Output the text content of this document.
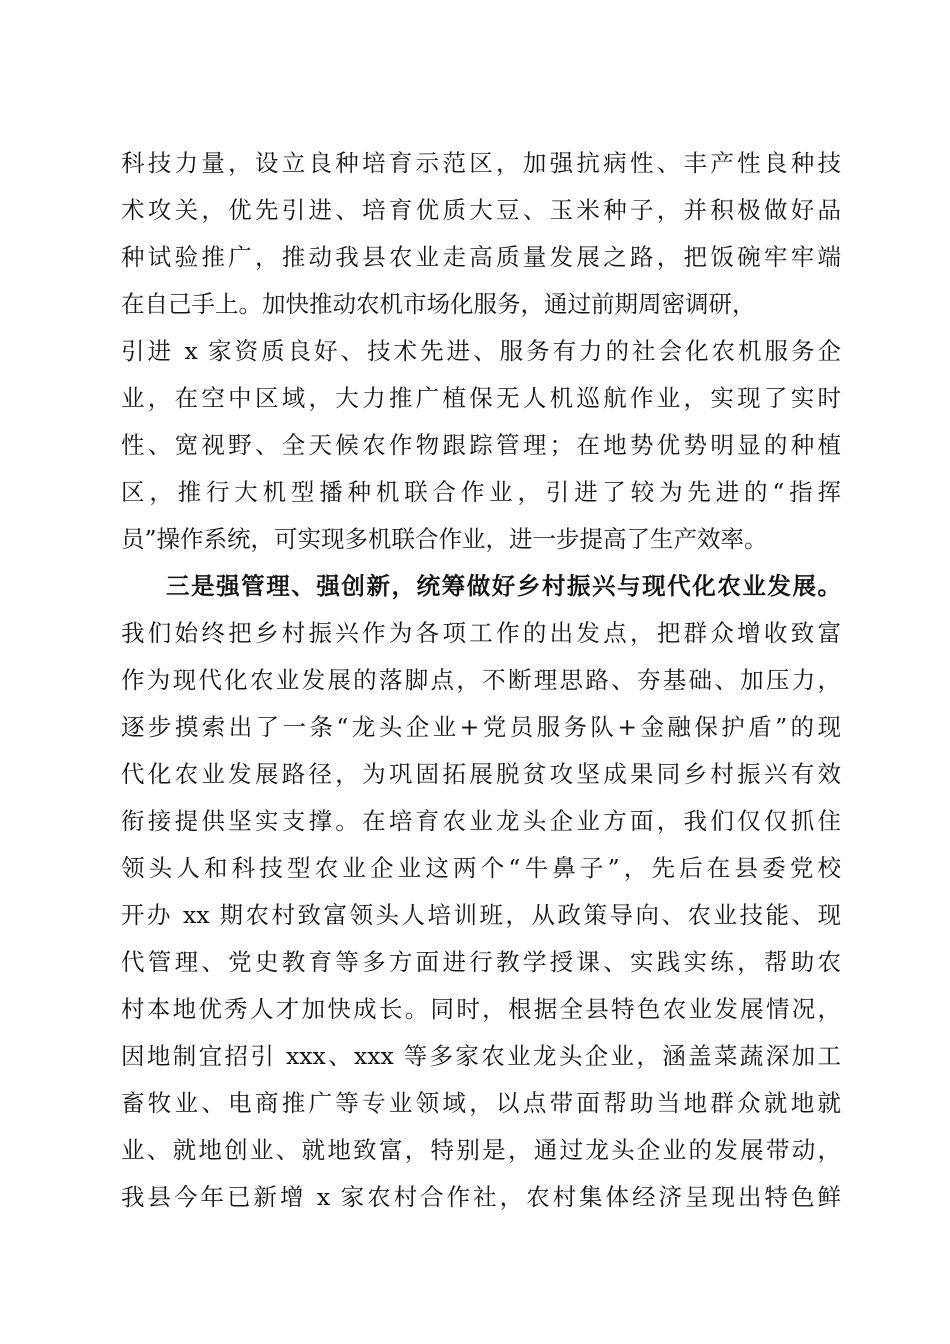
科技力量，设立良种培育示范区，加强抗病性、丰产性良种技
术攻关，优先引进、培育优质大豆、玉米种子，并积极做好品
种试验推广，推动我县农业走高质量发展之路，把饭碗牢牢端
在自己手上。加快推动农机市场化服务，通过前期周密调研，
引进 x 家资质良好、技术先进、服务有力的社会化农机服务企
业，在空中区域，大力推广植保无人机巡航作业，实现了实时
性、宽视野、全天候农作物跟踪管理；在地势优势明显的种植
区，推行大机型播种机联合作业，引进了较为先进的“指挥
员”操作系统，可实现多机联合作业，进一步提高了生产效率。
三是强管理、强创新，统筹做好乡村振兴与现代化农业发展。
我们始终把乡村振兴作为各项工作的出发点，把群众增收致富
作为现代化农业发展的落脚点，不断理思路、夯基础、加压力，
逐步摸索出了一条“龙头企业+党员服务队+金融保护盾”的现
代化农业发展路径，为巩固拓展脱贫攻坚成果同乡村振兴有效
衔接提供坚实支撑。在培育农业龙头企业方面，我们仅仅抓住
领头人和科技型农业企业这两个“牛鼻子”，先后在县委党校
开办 xx 期农村致富领头人培训班，从政策导向、农业技能、现
代管理、党史教育等多方面进行教学授课、实践实练，帮助农
村本地优秀人才加快成长。同时，根据全县特色农业发展情况，
因地制宜招引 xxx、xxx 等多家农业龙头企业，涵盖菜蔬深加工
畜牧业、电商推广等专业领域，以点带面帮助当地群众就地就
业、就地创业、就地致富，特别是，通过龙头企业的发展带动，
我县今年已新增 x 家农村合作社，农村集体经济呈现出特色鲜
